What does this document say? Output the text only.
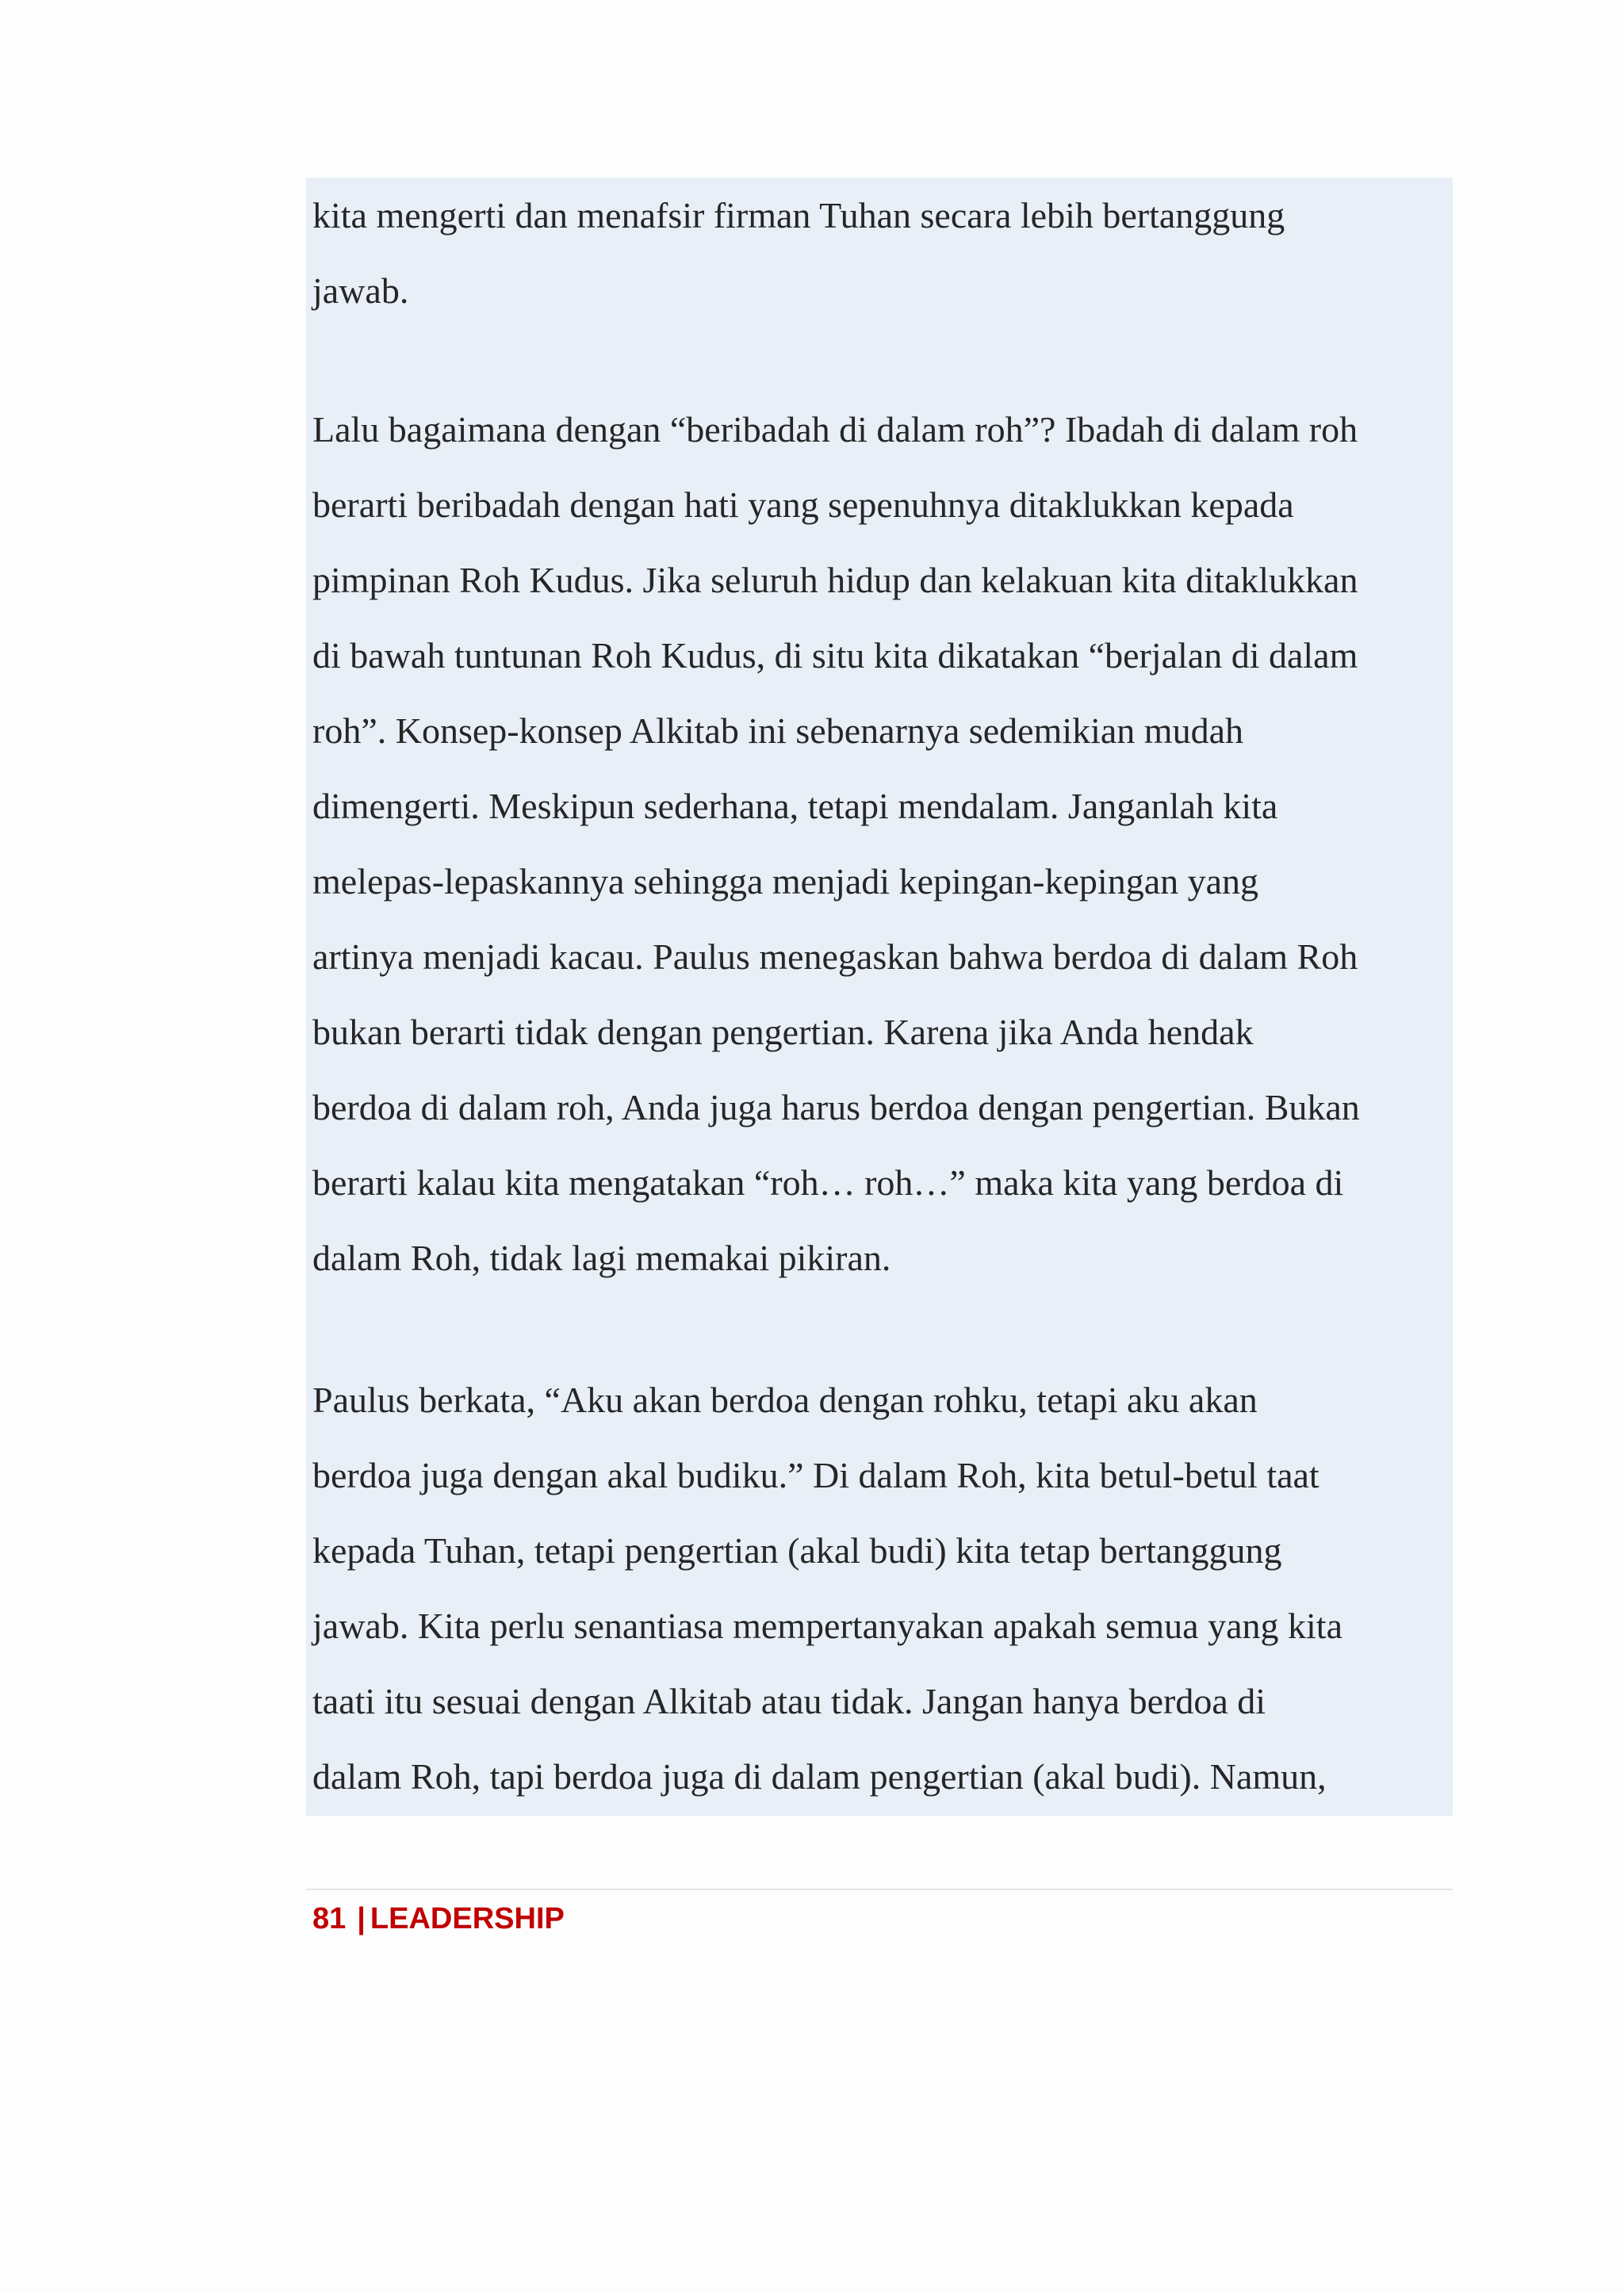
kita mengerti dan menafsir firman Tuhan secara lebih bertanggung
jawab.
Lalu bagaimana dengan “beribadah di dalam roh”? Ibadah di dalam roh
berarti beribadah dengan hati yang sepenuhnya ditaklukkan kepada
pimpinan Roh Kudus. Jika seluruh hidup dan kelakuan kita ditaklukkan
di bawah tuntunan Roh Kudus, di situ kita dikatakan “berjalan di dalam
roh”. Konsep-konsep Alkitab ini sebenarnya sedemikian mudah
dimengerti. Meskipun sederhana, tetapi mendalam. Janganlah kita
melepas-lepaskannya sehingga menjadi kepingan-kepingan yang
artinya menjadi kacau. Paulus menegaskan bahwa berdoa di dalam Roh
bukan berarti tidak dengan pengertian. Karena jika Anda hendak
berdoa di dalam roh, Anda juga harus berdoa dengan pengertian. Bukan
berarti kalau kita mengatakan “roh… roh…” maka kita yang berdoa di
dalam Roh, tidak lagi memakai pikiran.
Paulus berkata, “Aku akan berdoa dengan rohku, tetapi aku akan
berdoa juga dengan akal budiku.” Di dalam Roh, kita betul-betul taat
kepada Tuhan, tetapi pengertian (akal budi) kita tetap bertanggung
jawab. Kita perlu senantiasa mempertanyakan apakah semua yang kita
taati itu sesuai dengan Alkitab atau tidak. Jangan hanya berdoa di
dalam Roh, tapi berdoa juga di dalam pengertian (akal budi). Namun,
81 | LEADERSHIP
